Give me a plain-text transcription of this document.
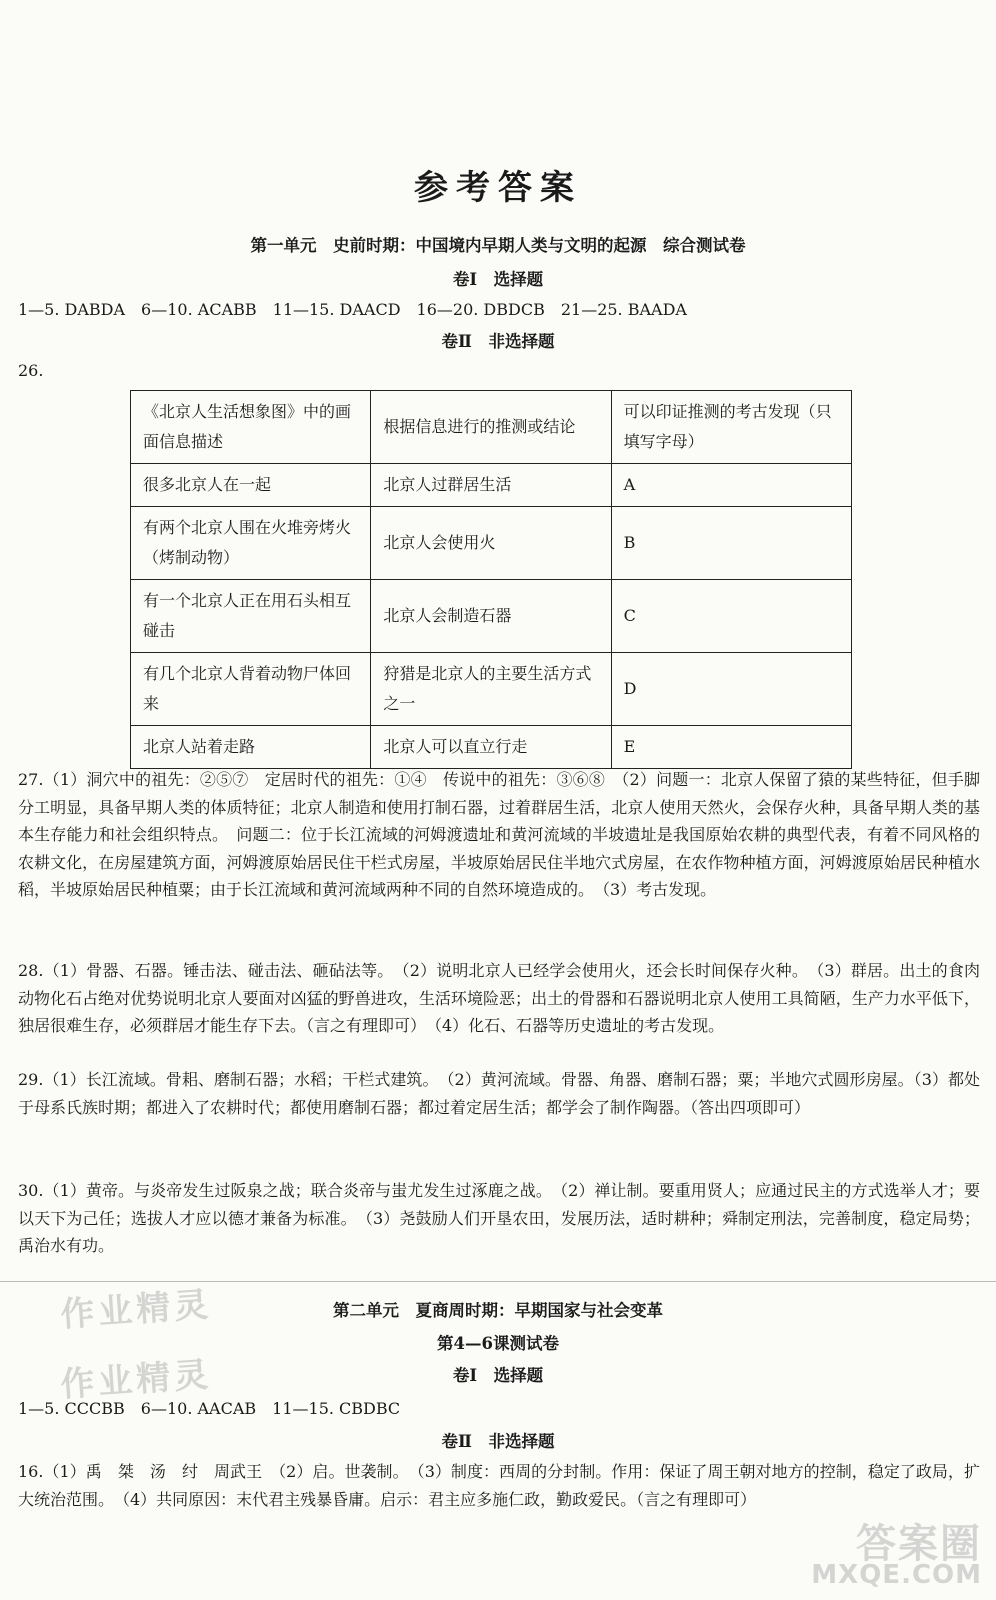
参考答案
第一单元　史前时期：中国境内早期人类与文明的起源　综合测试卷
卷Ⅰ　选择题
1—5. DABDA　6—10. ACABB　11—15. DAACD　16—20. DBDCB　21—25. BAADA
卷Ⅱ　非选择题
26.
《北京人生活想象图》中的画面信息描述	根据信息进行的推测或结论	可以印证推测的考古发现（只填写字母）
很多北京人在一起	北京人过群居生活	A
有两个北京人围在火堆旁烤火（烤制动物）	北京人会使用火	B
有一个北京人正在用石头相互碰击	北京人会制造石器	C
有几个北京人背着动物尸体回来	狩猎是北京人的主要生活方式之一	D
北京人站着走路	北京人可以直立行走	E
27.（1）洞穴中的祖先：②⑤⑦　定居时代的祖先：①④　传说中的祖先：③⑥⑧　（2）问题一：北京人保留了猿的某些特征，但手脚分工明显，具备早期人类的体质特征；北京人制造和使用打制石器，过着群居生活，北京人使用天然火，会保存火种，具备早期人类的基本生存能力和社会组织特点。　问题二：位于长江流域的河姆渡遗址和黄河流域的半坡遗址是我国原始农耕的典型代表，有着不同风格的农耕文化，在房屋建筑方面，河姆渡原始居民住干栏式房屋，半坡原始居民住半地穴式房屋，在农作物种植方面，河姆渡原始居民种植水稻，半坡原始居民种植粟；由于长江流域和黄河流域两种不同的自然环境造成的。　（3）考古发现。
28.（1）骨器、石器。锤击法、碰击法、砸砧法等。　（2）说明北京人已经学会使用火，还会长时间保存火种。　（3）群居。出土的食肉动物化石占绝对优势说明北京人要面对凶猛的野兽进攻，生活环境险恶；出土的骨器和石器说明北京人使用工具简陋，生产力水平低下，独居很难生存，必须群居才能生存下去。（言之有理即可）　（4）化石、石器等历史遗址的考古发现。
29.（1）长江流域。骨耜、磨制石器；水稻；干栏式建筑。　（2）黄河流域。骨器、角器、磨制石器；粟；半地穴式圆形房屋。（3）都处于母系氏族时期；都进入了农耕时代；都使用磨制石器；都过着定居生活；都学会了制作陶器。（答出四项即可）
30.（1）黄帝。与炎帝发生过阪泉之战；联合炎帝与蚩尤发生过涿鹿之战。　（2）禅让制。要重用贤人；应通过民主的方式选举人才；要以天下为己任；选拔人才应以德才兼备为标准。　（3）尧鼓励人们开垦农田，发展历法，适时耕种；舜制定刑法，完善制度，稳定局势；禹治水有功。
第二单元　夏商周时期：早期国家与社会变革
第4—6课测试卷
卷Ⅰ　选择题
1—5. CCCBB　6—10. AACAB　11—15. CBDBC
卷Ⅱ　非选择题
16.（1）禹　桀　汤　纣　周武王　（2）启。世袭制。　（3）制度：西周的分封制。作用：保证了周王朝对地方的控制，稳定了政局，扩大统治范围。　（4）共同原因：末代君主残暴昏庸。启示：君主应多施仁政，勤政爱民。（言之有理即可）
作业精灵
作业精灵
答案圈
MXQE.COM
